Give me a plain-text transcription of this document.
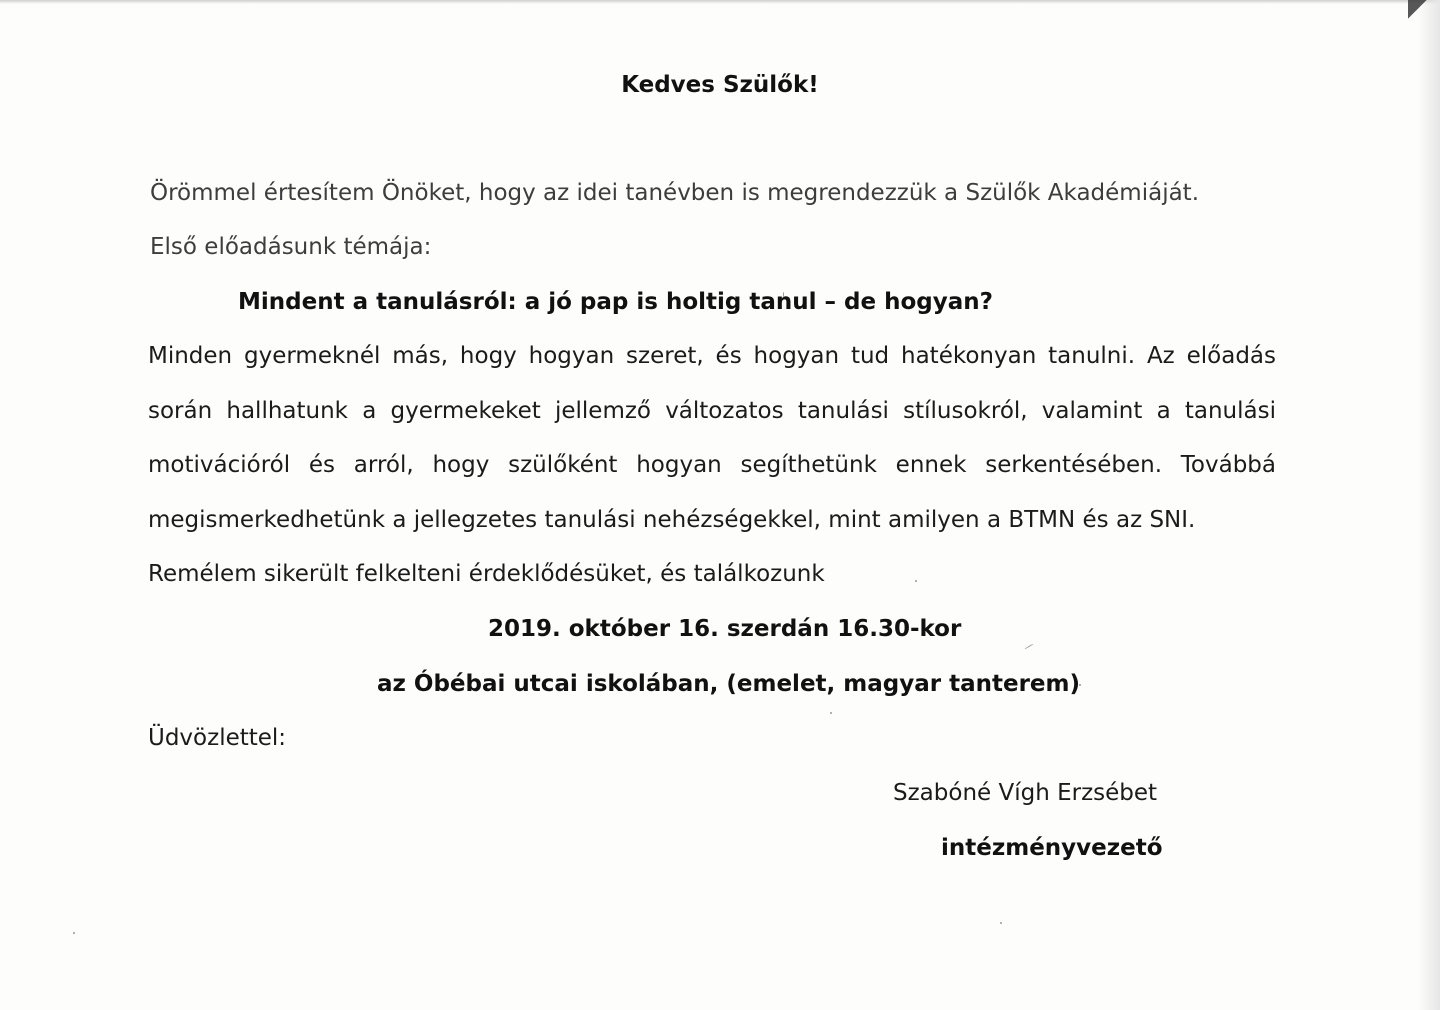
Kedves Szülők!
Örömmel értesítem Önöket, hogy az idei tanévben is megrendezzük a Szülők Akadémiáját.
Első előadásunk témája:
Mindent a tanulásról: a jó pap is holtig tanul – de hogyan?
Minden gyermeknél más, hogy hogyan szeret, és hogyan tud hatékonyan tanulni. Az előadás
során hallhatunk a gyermekeket jellemző változatos tanulási stílusokról, valamint a tanulási
motivációról és arról, hogy szülőként hogyan segíthetünk ennek serkentésében. Továbbá
megismerkedhetünk a jellegzetes tanulási nehézségekkel, mint amilyen a BTMN és az SNI.
Remélem sikerült felkelteni érdeklődésüket, és találkozunk
2019. október 16. szerdán 16.30-kor
az Óbébai utcai iskolában, (emelet, magyar tanterem)
Üdvözlettel:
Szabóné Vígh Erzsébet
intézményvezető
